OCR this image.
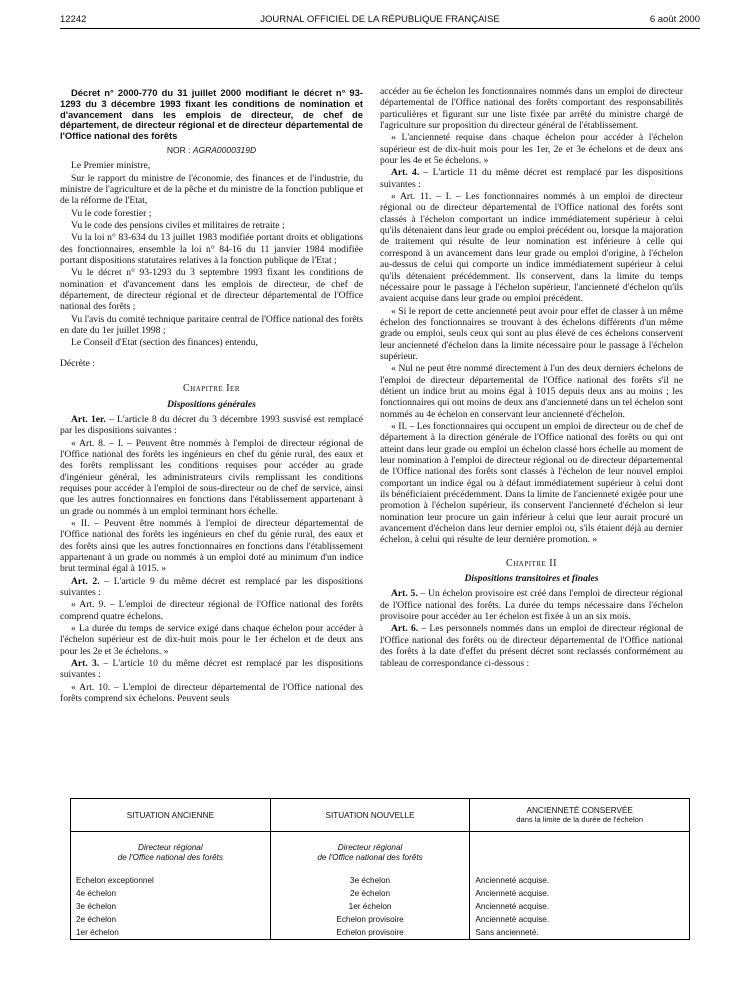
12242	JOURNAL OFFICIEL DE LA RÉPUBLIQUE FRANÇAISE	6 août 2000

Décret n° 2000-770 du 31 juillet 2000 modifiant le décret n° 93-1293 du 3 décembre 1993 fixant les conditions de nomination et d'avancement dans les emplois de directeur, de chef de département, de directeur régional et de directeur départemental de l'Office national des forêts

NOR : AGRA0000319D

Le Premier ministre,

Sur le rapport du ministre de l'économie, des finances et de l'industrie, du ministre de l'agriculture et de la pêche et du ministre de la fonction publique et de la réforme de l'Etat,

Vu le code forestier ;

Vu le code des pensions civiles et militaires de retraite ;

Vu la loi n° 83-634 du 13 juillet 1983 modifiée portant droits et obligations des fonctionnaires, ensemble la loi n° 84-16 du 11 janvier 1984 modifiée portant dispositions statutaires relatives à la fonction publique de l'Etat ;

Vu le décret n° 93-1293 du 3 septembre 1993 fixant les conditions de nomination et d'avancement dans les emplois de directeur, de chef de département, de directeur régional et de directeur départemental de l'Office national des forêts ;

Vu l'avis du comité technique paritaire central de l'Office national des forêts en date du 1er juillet 1998 ;

Le Conseil d'Etat (section des finances) entendu,

Décrète :

Chapitre Ier
Dispositions générales

Art. 1er. – L'article 8 du décret du 3 décembre 1993 susvisé est remplacé par les dispositions suivantes :

« Art. 8. – I. – Peuvent être nommés à l'emploi de directeur régional de l'Office national des forêts les ingénieurs en chef du génie rural, des eaux et des forêts remplissant les conditions requises pour accéder au grade d'ingénieur général, les administrateurs civils remplissant les conditions requises pour accéder à l'emploi de sous-directeur ou de chef de service, ainsi que les autres fonctionnaires en fonctions dans l'établissement appartenant à un grade ou nommés à un emploi terminant hors échelle.

« II. – Peuvent être nommés à l'emploi de directeur départemental de l'Office national des forêts les ingénieurs en chef du génie rural, des eaux et des forêts ainsi que les autres fonctionnaires en fonctions dans l'établissement appartenant à un grade ou nommés à un emploi doté au minimum d'un indice brut terminal égal à 1015. »

Art. 2. – L'article 9 du même décret est remplacé par les dispositions suivantes :

« Art. 9. – L'emploi de directeur régional de l'Office national des forêts comprend quatre échelons.

« La durée du temps de service exigé dans chaque échelon pour accéder à l'échelon supérieur est de dix-huit mois pour le 1er échelon et de deux ans pour les 2e et 3e échelons. »

Art. 3. – L'article 10 du même décret est remplacé par les dispositions suivantes :

« Art. 10. – L'emploi de directeur départemental de l'Office national des forêts comprend six échelons. Peuvent seuls

accéder au 6e échelon les fonctionnaires nommés dans un emploi de directeur départemental de l'Office national des forêts comportant des responsabilités particulières et figurant sur une liste fixée par arrêté du ministre chargé de l'agriculture sur proposition du directeur général de l'établissement.

« L'ancienneté requise dans chaque échelon pour accéder à l'échelon supérieur est de dix-huit mois pour les 1er, 2e et 3e échelons et de deux ans pour les 4e et 5e échelons. »

Art. 4. – L'article 11 du même décret est remplacé par les dispositions suivantes :

« Art. 11. – I. – Les fonctionnaires nommés à un emploi de directeur régional ou de directeur départemental de l'Office national des forêts sont classés à l'échelon comportant un indice immédiatement supérieur à celui qu'ils détenaient dans leur grade ou emploi précédent ou, lorsque la majoration de traitement qui résulte de leur nomination est inférieure à celle qui correspond à un avancement dans leur grade ou emploi d'origine, à l'échelon au-dessus de celui qui comporte un indice immédiatement supérieur à celui qu'ils détenaient précédemment. Ils conservent, dans la limite du temps nécessaire pour le passage à l'échelon supérieur, l'ancienneté d'échelon qu'ils avaient acquise dans leur grade ou emploi précédent.

« Si le report de cette ancienneté peut avoir pour effet de classer à un même échelon des fonctionnaires se trouvant à des échelons différents d'un même grade ou emploi, seuls ceux qui sont au plus élevé de ces échelons conservent leur ancienneté d'échelon dans la limite nécessaire pour le passage à l'échelon supérieur.

« Nul ne peut être nommé directement à l'un des deux derniers échelons de l'emploi de directeur départemental de l'Office national des forêts s'il ne détient un indice brut au moins égal à 1015 depuis deux ans au moins ; les fonctionnaires qui ont moins de deux ans d'ancienneté dans un tel échelon sont nommés au 4e échelon en conservant leur ancienneté d'échelon.

« II. – Les fonctionnaires qui occupent un emploi de directeur ou de chef de département à la direction générale de l'Office national des forêts ou qui ont atteint dans leur grade ou emploi un échelon classé hors échelle au moment de leur nomination à l'emploi de directeur régional ou de directeur départemental de l'Office national des forêts sont classés à l'échelon de leur nouvel emploi comportant un indice égal ou à défaut immédiatement supérieur à celui dont ils bénéficiaient précédemment. Dans la limite de l'ancienneté exigée pour une promotion à l'échelon supérieur, ils conservent l'ancienneté d'échelon si leur nomination leur procure un gain inférieur à celui que leur aurait procuré un avancement d'échelon dans leur dernier emploi ou, s'ils étaient déjà au dernier échelon, à celui qui résulte de leur dernière promotion. »

Chapitre II
Dispositions transitoires et finales

Art. 5. – Un échelon provisoire est créé dans l'emploi de directeur régional de l'Office national des forêts. La durée du temps nécessaire dans l'échelon provisoire pour accéder au 1er échelon est fixée à un an six mois.

Art. 6. – Les personnels nommés dans un emploi de directeur régional de l'Office national des forêts ou de directeur départemental de l'Office national des forêts à la date d'effet du présent décret sont reclassés conformément au tableau de correspondance ci-dessous :

SITUATION ANCIENNE	SITUATION NOUVELLE	ANCIENNETÉ CONSERVÉE
dans la limite de la durée de l'échelon

Directeur régional
de l'Office national des forêts	Directeur régional
de l'Office national des forêts	
Echelon exceptionnel	3e échelon	Ancienneté acquise.
4e échelon	2e échelon	Ancienneté acquise.
3e échelon	1er échelon	Ancienneté acquise.
2e échelon	Echelon provisoire	Ancienneté acquise.
1er échelon	Echelon provisoire	Sans ancienneté.
